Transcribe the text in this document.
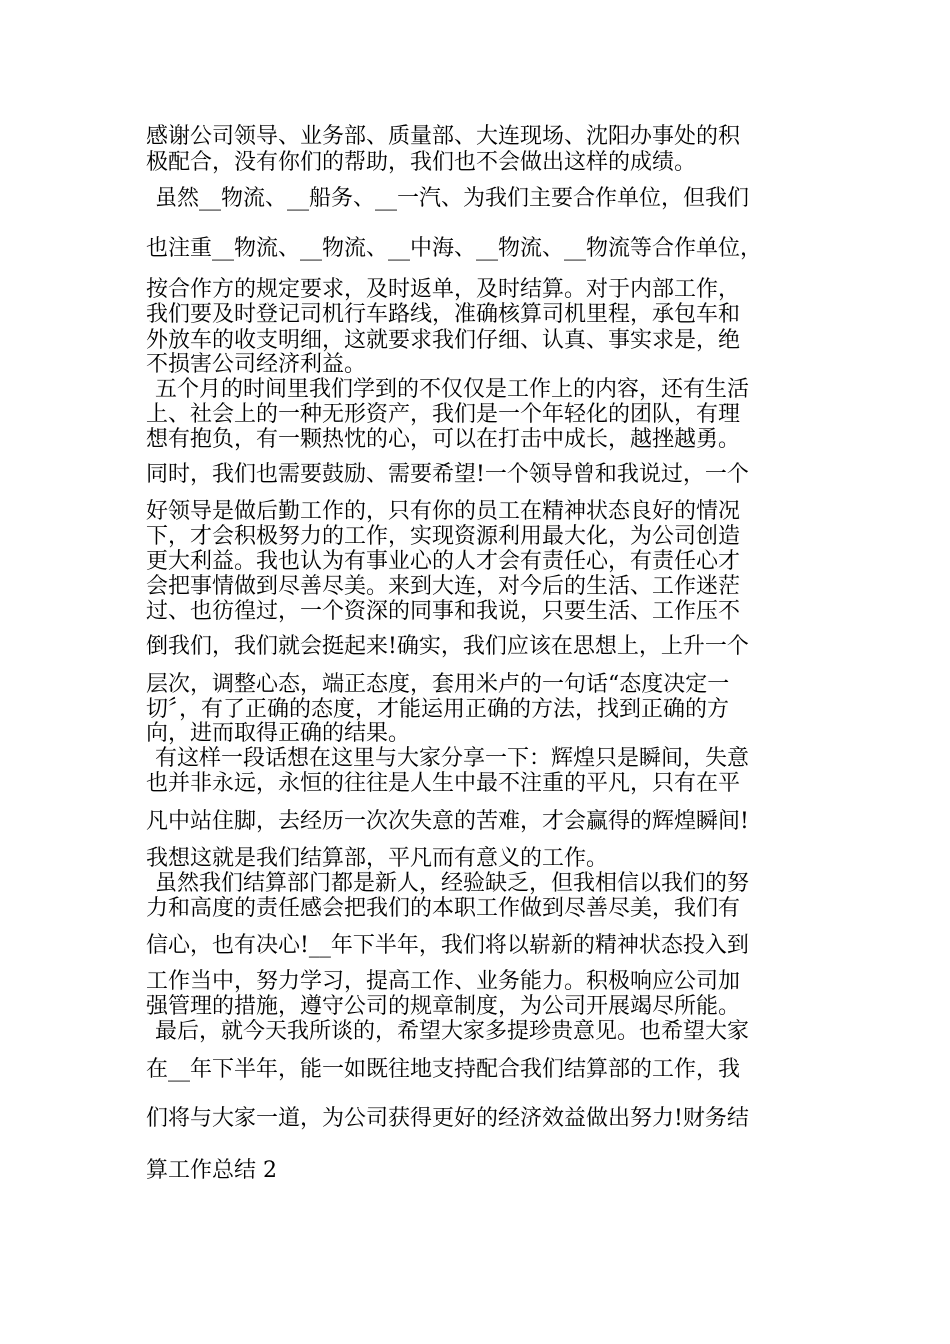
感谢公司领导、业务部、质量部、大连现场、沈阳办事处的积
极配合，没有你们的帮助，我们也不会做出这样的成绩。
虽然__物流、__船务、__一汽、为我们主要合作单位，但我们
也注重__物流、__物流、__中海、__物流、__物流等合作单位，
按合作方的规定要求，及时返单，及时结算。对于内部工作，
我们要及时登记司机行车路线，准确核算司机里程，承包车和
外放车的收支明细，这就要求我们仔细、认真、事实求是，绝
不损害公司经济利益。
五个月的时间里我们学到的不仅仅是工作上的内容，还有生活
上、社会上的一种无形资产，我们是一个年轻化的团队，有理
想有抱负，有一颗热忱的心，可以在打击中成长，越挫越勇。
同时，我们也需要鼓励、需要希望!一个领导曾和我说过，一个
好领导是做后勤工作的，只有你的员工在精神状态良好的情况
下，才会积极努力的工作，实现资源利用最大化，为公司创造
更大利益。我也认为有事业心的人才会有责任心，有责任心才
会把事情做到尽善尽美。来到大连，对今后的生活、工作迷茫
过、也彷徨过，一个资深的同事和我说，只要生活、工作压不
倒我们，我们就会挺起来!确实，我们应该在思想上，上升一个
层次，调整心态，端正态度，套用米卢的一句话“态度决定一
切〞，有了正确的态度，才能运用正确的方法，找到正确的方
向，进而取得正确的结果。
有这样一段话想在这里与大家分享一下：辉煌只是瞬间，失意
也并非永远，永恒的往往是人生中最不注重的平凡，只有在平
凡中站住脚，去经历一次次失意的苦难，才会赢得的辉煌瞬间!
我想这就是我们结算部，平凡而有意义的工作。
虽然我们结算部门都是新人，经验缺乏，但我相信以我们的努
力和高度的责任感会把我们的本职工作做到尽善尽美，我们有
信心，也有决心!__年下半年，我们将以崭新的精神状态投入到
工作当中，努力学习，提高工作、业务能力。积极响应公司加
强管理的措施，遵守公司的规章制度，为公司开展竭尽所能。
最后，就今天我所谈的，希望大家多提珍贵意见。也希望大家
在__年下半年，能一如既往地支持配合我们结算部的工作，我
们将与大家一道，为公司获得更好的经济效益做出努力!财务结
算工作总结 2
